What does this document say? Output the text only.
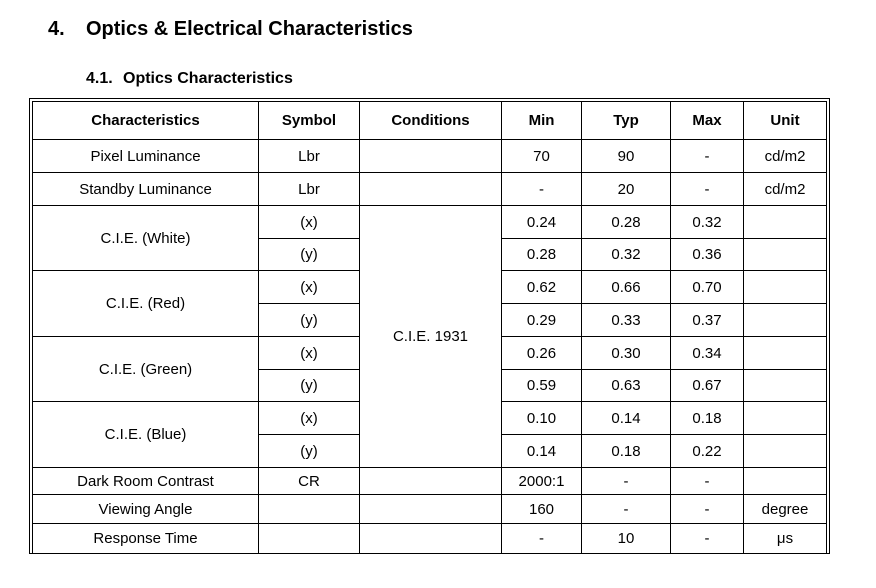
4. Optics & Electrical Characteristics
4.1. Optics Characteristics
Characteristics	Symbol	Conditions	Min	Typ	Max	Unit
Pixel Luminance	Lbr		70	90	-	cd/m2
Standby Luminance	Lbr		-	20	-	cd/m2
C.I.E. (White)	(x)	C.I.E. 1931	0.24	0.28	0.32	
	(y)		0.28	0.32	0.36	
C.I.E. (Red)	(x)		0.62	0.66	0.70	
	(y)		0.29	0.33	0.37	
C.I.E. (Green)	(x)		0.26	0.30	0.34	
	(y)		0.59	0.63	0.67	
C.I.E. (Blue)	(x)		0.10	0.14	0.18	
	(y)		0.14	0.18	0.22	
Dark Room Contrast	CR		2000:1	-	-	
Viewing Angle			160	-	-	degree
Response Time			-	10	-	μs
